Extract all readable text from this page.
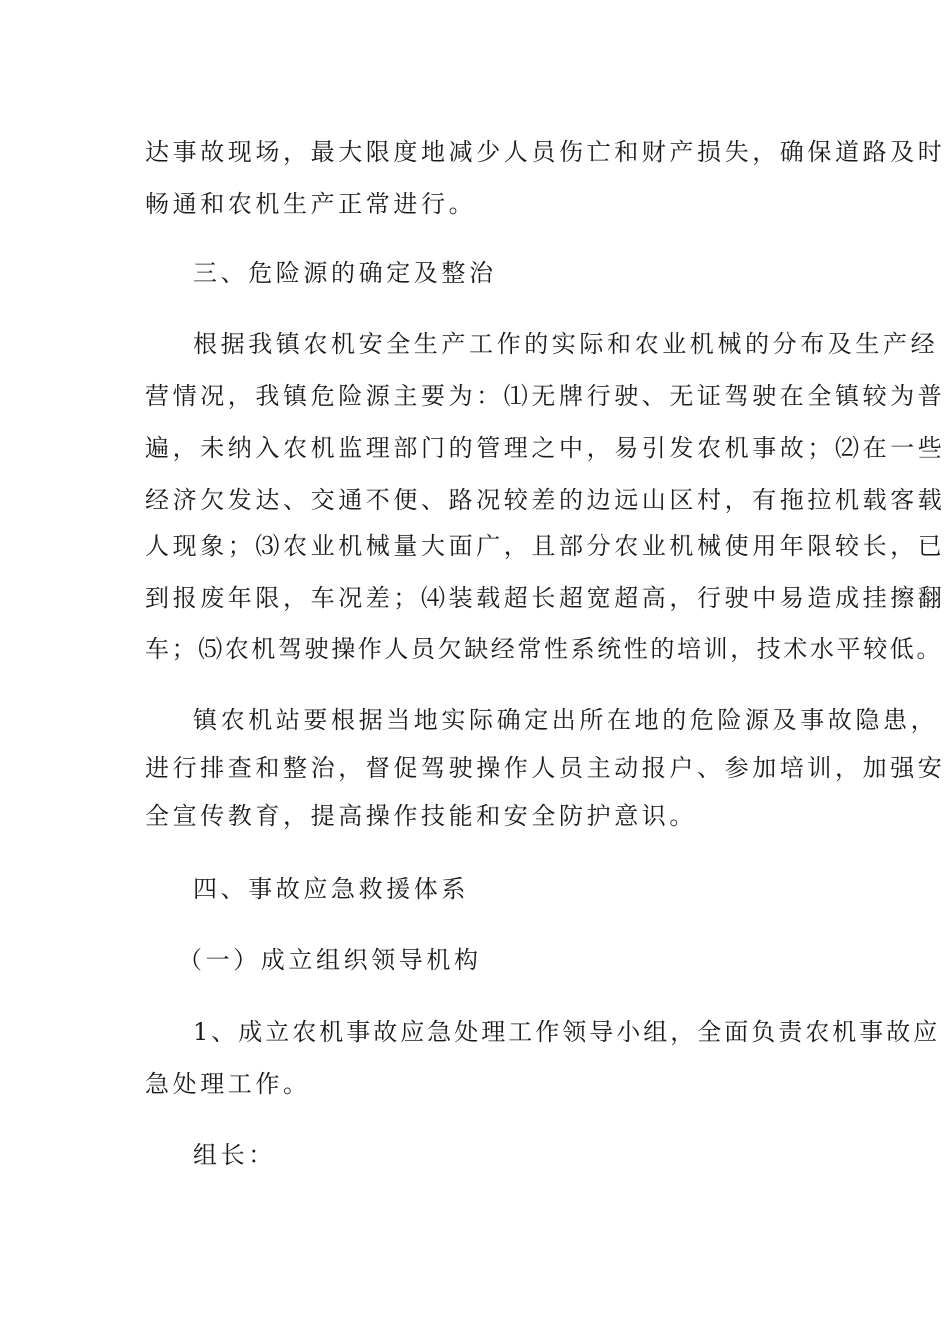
达事故现场，最大限度地减少人员伤亡和财产损失，确保道路及时

畅通和农机生产正常进行。

三、危险源的确定及整治

根据我镇农机安全生产工作的实际和农业机械的分布及生产经

营情况，我镇危险源主要为：⑴无牌行驶、无证驾驶在全镇较为普

遍，未纳入农机监理部门的管理之中，易引发农机事故；⑵在一些

经济欠发达、交通不便、路况较差的边远山区村，有拖拉机载客载

人现象；⑶农业机械量大面广，且部分农业机械使用年限较长，已

到报废年限，车况差；⑷装载超长超宽超高，行驶中易造成挂擦翻

车；⑸农机驾驶操作人员欠缺经常性系统性的培训，技术水平较低。

镇农机站要根据当地实际确定出所在地的危险源及事故隐患，

进行排查和整治，督促驾驶操作人员主动报户、参加培训，加强安

全宣传教育，提高操作技能和安全防护意识。

四、事故应急救援体系

（一）成立组织领导机构

1、成立农机事故应急处理工作领导小组，全面负责农机事故应

急处理工作。

组长：
